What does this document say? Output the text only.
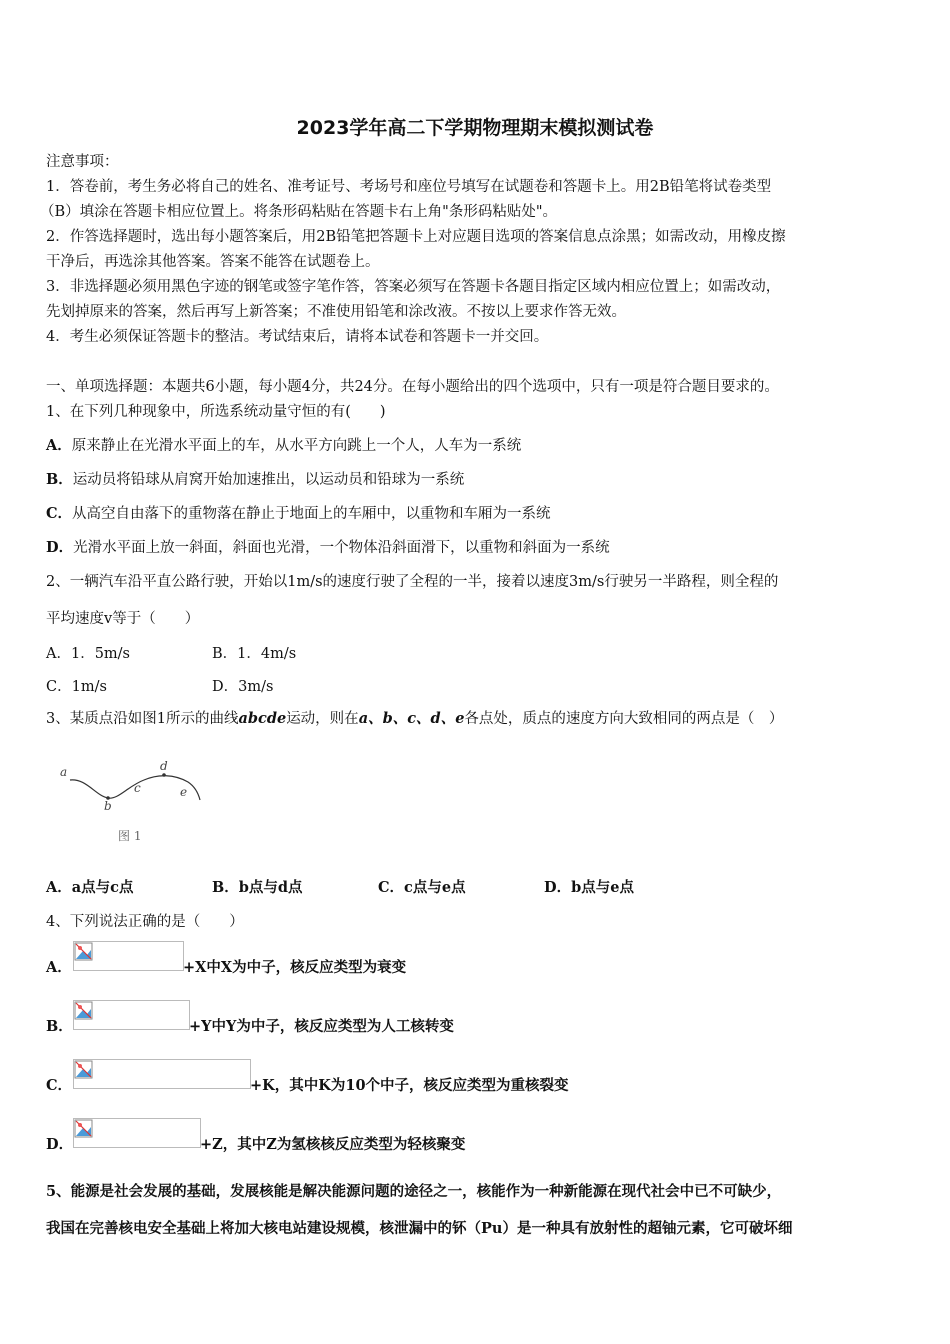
2023学年高二下学期物理期末模拟测试卷
注意事项：
1．答卷前，考生务必将自己的姓名、准考证号、考场号和座位号填写在试题卷和答题卡上。用2B铅笔将试卷类型
（B）填涂在答题卡相应位置上。将条形码粘贴在答题卡右上角"条形码粘贴处"。
2．作答选择题时，选出每小题答案后，用2B铅笔把答题卡上对应题目选项的答案信息点涂黑；如需改动，用橡皮擦
干净后，再选涂其他答案。答案不能答在试题卷上。
3．非选择题必须用黑色字迹的钢笔或签字笔作答，答案必须写在答题卡各题目指定区域内相应位置上；如需改动，
先划掉原来的答案，然后再写上新答案；不准使用铅笔和涂改液。不按以上要求作答无效。
4．考生必须保证答题卡的整洁。考试结束后，请将本试卷和答题卡一并交回。
一、单项选择题：本题共6小题，每小题4分，共24分。在每小题给出的四个选项中，只有一项是符合题目要求的。
1、在下列几种现象中，所选系统动量守恒的有(　　)
A．原来静止在光滑水平面上的车，从水平方向跳上一个人，人车为一系统
B．运动员将铅球从肩窝开始加速推出，以运动员和铅球为一系统
C．从高空自由落下的重物落在静止于地面上的车厢中，以重物和车厢为一系统
D．光滑水平面上放一斜面，斜面也光滑，一个物体沿斜面滑下，以重物和斜面为一系统
2、一辆汽车沿平直公路行驶，开始以1m/s的速度行驶了全程的一半，接着以速度3m/s行驶另一半路程，则全程的
平均速度v等于（　　）
A．1．5m/s	B．1．4m/s
C．1m/s	D．3m/s
3、某质点沿如图1所示的曲线abcde运动，则在a、b、c、d、e各点处，质点的速度方向大致相同的两点是（　）
a
b
c
d
e
图 1
A．a点与c点	B．b点与d点	C．c点与e点	D．b点与e点
4、下列说法正确的是（　　）
A．	+X中X为中子，核反应类型为衰变
B．	+Y中Y为中子，核反应类型为人工核转变
C．	+K，其中K为10个中子，核反应类型为重核裂变
D．	+Z，其中Z为氢核核反应类型为轻核聚变
5、能源是社会发展的基础，发展核能是解决能源问题的途径之一，核能作为一种新能源在现代社会中已不可缺少，
我国在完善核电安全基础上将加大核电站建设规模，核泄漏中的钚（Pu）是一种具有放射性的超铀元素，它可破坏细
